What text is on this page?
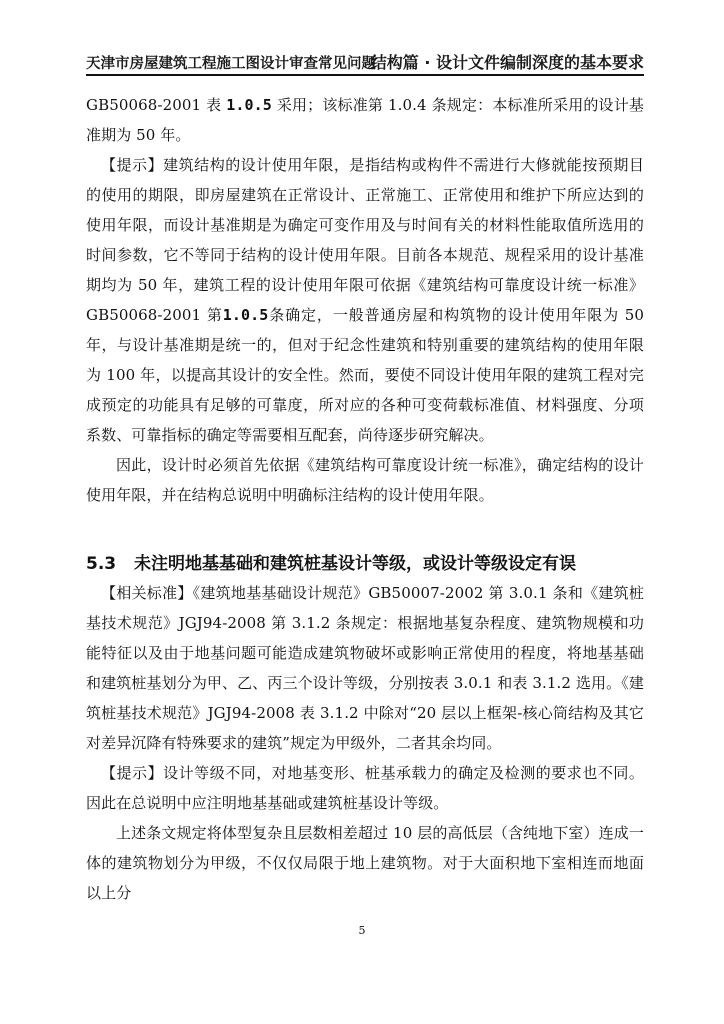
天津市房屋建筑工程施工图设计审查常见问题
结构篇 · 设计文件编制深度的基本要求

GB50068-2001 表 1.0.5 采用；该标准第 1.0.4 条规定：本标准所采用的设计基准期为 50 年。

【提示】建筑结构的设计使用年限，是指结构或构件不需进行大修就能按预期目的使用的期限，即房屋建筑在正常设计、正常施工、正常使用和维护下所应达到的使用年限，而设计基准期是为确定可变作用及与时间有关的材料性能取值所选用的时间参数，它不等同于结构的设计使用年限。目前各本规范、规程采用的设计基准期均为 50 年，建筑工程的设计使用年限可依据《建筑结构可靠度设计统一标准》GB50068-2001 第1.0.5条确定，一般普通房屋和构筑物的设计使用年限为 50 年，与设计基准期是统一的，但对于纪念性建筑和特别重要的建筑结构的使用年限为 100 年，以提高其设计的安全性。然而，要使不同设计使用年限的建筑工程对完成预定的功能具有足够的可靠度，所对应的各种可变荷载标准值、材料强度、分项系数、可靠指标的确定等需要相互配套，尚待逐步研究解决。

因此，设计时必须首先依据《建筑结构可靠度设计统一标准》，确定结构的设计使用年限，并在结构总说明中明确标注结构的设计使用年限。

5.3 未注明地基基础和建筑桩基设计等级，或设计等级设定有误

【相关标准】《建筑地基基础设计规范》GB50007-2002 第 3.0.1 条和《建筑桩基技术规范》JGJ94-2008 第 3.1.2 条规定：根据地基复杂程度、建筑物规模和功能特征以及由于地基问题可能造成建筑物破坏或影响正常使用的程度，将地基基础和建筑桩基划分为甲、乙、丙三个设计等级，分别按表 3.0.1 和表 3.1.2 选用。《建筑桩基技术规范》JGJ94-2008 表 3.1.2 中除对“20 层以上框架-核心筒结构及其它对差异沉降有特殊要求的建筑”规定为甲级外，二者其余均同。

【提示】设计等级不同，对地基变形、桩基承载力的确定及检测的要求也不同。因此在总说明中应注明地基基础或建筑桩基设计等级。

上述条文规定将体型复杂且层数相差超过 10 层的高低层（含纯地下室）连成一体的建筑物划分为甲级，不仅仅局限于地上建筑物。对于大面积地下室相连而地面以上分

5
